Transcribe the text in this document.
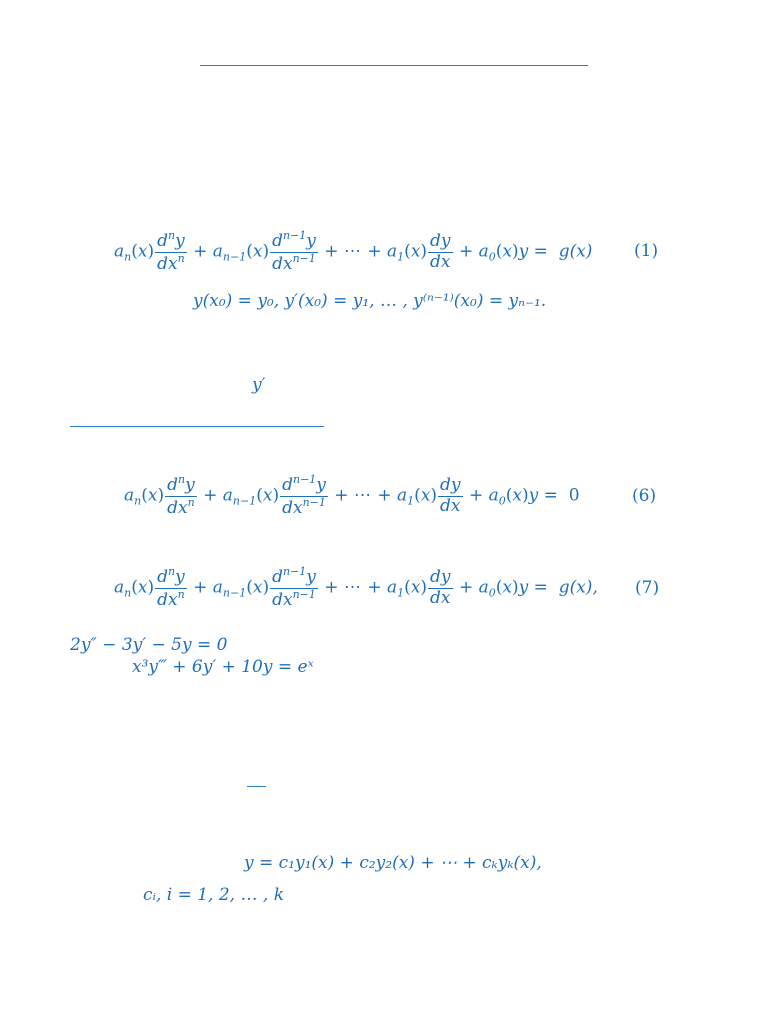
$a_n(x) \frac{d^ny}{dx^n} + a_{n-1}(x) \frac{d^{n-1}y}{dx^{n-1}}$ + ⋯ + $a_1(x) \frac{dy}{dx} + a_0(x)y = g(x)$ (1)
y(x₀) = y₀, y′(x₀) = y₁, … , y⁽ⁿ⁻¹⁾(x₀) = yₙ₋₁.
y′
$a_n(x) \frac{d^ny}{dx^n} + a_{n-1}(x) \frac{d^{n-1}y}{dx^{n-1}}$ + ⋯ + $a_1(x) \frac{dy}{dx} + a_0(x)y = 0$	(6)
$a_n(x) \frac{d^ny}{dx^n} + a_{n-1}(x) \frac{d^{n-1}y}{dx^{n-1}}$ + ⋯ + $a_1(x) \frac{dy}{dx} + a_0(x)y = g(x)$, (7)
2y″ − 3y′ − 5y = 0
x³y‴ + 6y′ + 10y = eˣ
y = c₁y₁(x) + c₂y₂(x) + ⋯ + cₖyₖ(x),
cᵢ, i = 1, 2, … , k
